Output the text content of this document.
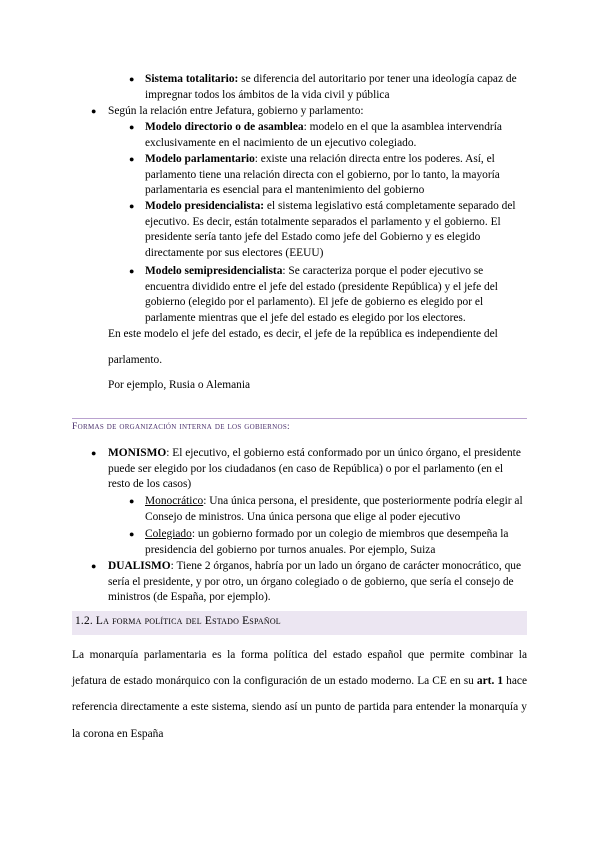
● Sistema totalitario: se diferencia del autoritario por tener una ideología capaz de impregnar todos los ámbitos de la vida civil y pública
● Según la relación entre Jefatura, gobierno y parlamento:
● Modelo directorio o de asamblea: modelo en el que la asamblea intervendría exclusivamente en el nacimiento de un ejecutivo colegiado.
● Modelo parlamentario: existe una relación directa entre los poderes. Así, el parlamento tiene una relación directa con el gobierno, por lo tanto, la mayoría parlamentaria es esencial para el mantenimiento del gobierno
● Modelo presidencialista: el sistema legislativo está completamente separado del ejecutivo. Es decir, están totalmente separados el parlamento y el gobierno. El presidente sería tanto jefe del Estado como jefe del Gobierno y es elegido directamente por sus electores (EEUU)
● Modelo semipresidencialista: Se caracteriza porque el poder ejecutivo se encuentra dividido entre el jefe del estado (presidente República) y el jefe del gobierno (elegido por el parlamento). El jefe de gobierno es elegido por el parlamente mientras que el jefe del estado es elegido por los electores.
En este modelo el jefe del estado, es decir, el jefe de la república es independiente del
parlamento.
Por ejemplo, Rusia o Alemania
Formas de organización interna de los gobiernos:
● MONISMO: El ejecutivo, el gobierno está conformado por un único órgano, el presidente puede ser elegido por los ciudadanos (en caso de República) o por el parlamento (en el resto de los casos)
● Monocrático: Una única persona, el presidente, que posteriormente podría elegir al Consejo de ministros. Una única persona que elige al poder ejecutivo
● Colegiado: un gobierno formado por un colegio de miembros que desempeña la presidencia del gobierno por turnos anuales. Por ejemplo, Suiza
● DUALISMO: Tiene 2 órganos, habría por un lado un órgano de carácter monocrático, que sería el presidente, y por otro, un órgano colegiado o de gobierno, que sería el consejo de ministros (de España, por ejemplo).
1.2. La forma política del Estado Español
La monarquía parlamentaria es la forma política del estado español que permite combinar la jefatura de estado monárquico con la configuración de un estado moderno. La CE en su art. 1 hace referencia directamente a este sistema, siendo así un punto de partida para entender la monarquía y la corona en España
